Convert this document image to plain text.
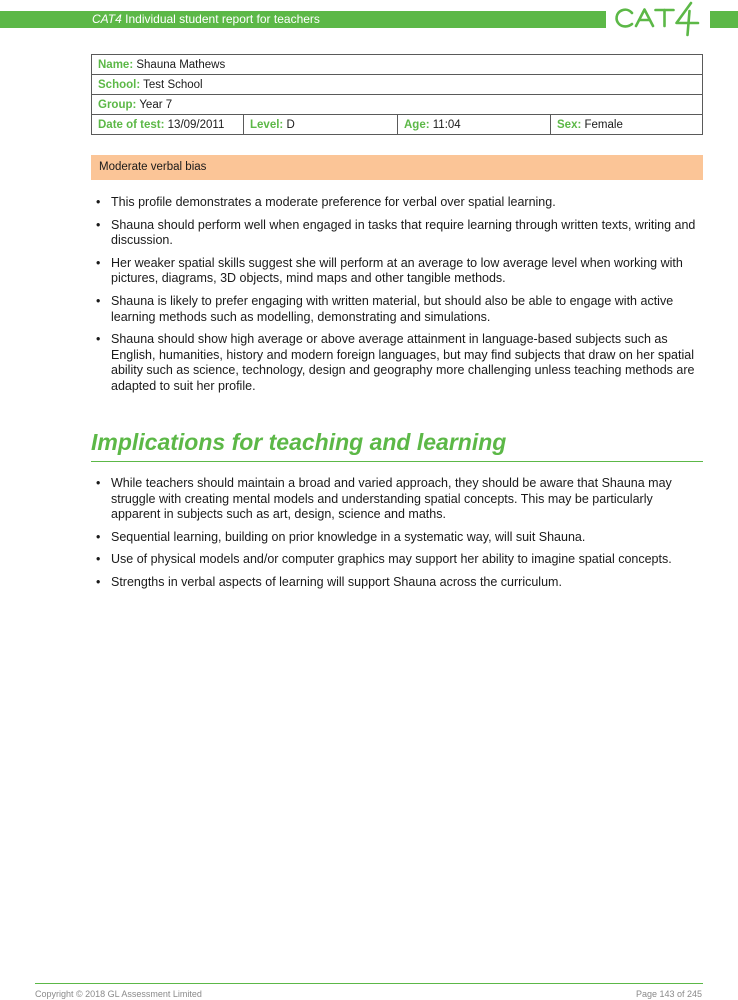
CAT4 Individual student report for teachers
Name: Shauna Mathews
School: Test School
Group: Year 7
Date of test: 13/09/2011	Level: D	Age: 11:04	Sex: Female
Moderate verbal bias
• This profile demonstrates a moderate preference for verbal over spatial learning.
• Shauna should perform well when engaged in tasks that require learning through written texts, writing and discussion.
• Her weaker spatial skills suggest she will perform at an average to low average level when working with pictures, diagrams, 3D objects, mind maps and other tangible methods.
• Shauna is likely to prefer engaging with written material, but should also be able to engage with active learning methods such as modelling, demonstrating and simulations.
• Shauna should show high average or above average attainment in language-based subjects such as English, humanities, history and modern foreign languages, but may find subjects that draw on her spatial ability such as science, technology, design and geography more challenging unless teaching methods are adapted to suit her profile.
Implications for teaching and learning
• While teachers should maintain a broad and varied approach, they should be aware that Shauna may struggle with creating mental models and understanding spatial concepts. This may be particularly apparent in subjects such as art, design, science and maths.
• Sequential learning, building on prior knowledge in a systematic way, will suit Shauna.
• Use of physical models and/or computer graphics may support her ability to imagine spatial concepts.
• Strengths in verbal aspects of learning will support Shauna across the curriculum.
Copyright © 2018 GL Assessment Limited	Page 143 of 245
